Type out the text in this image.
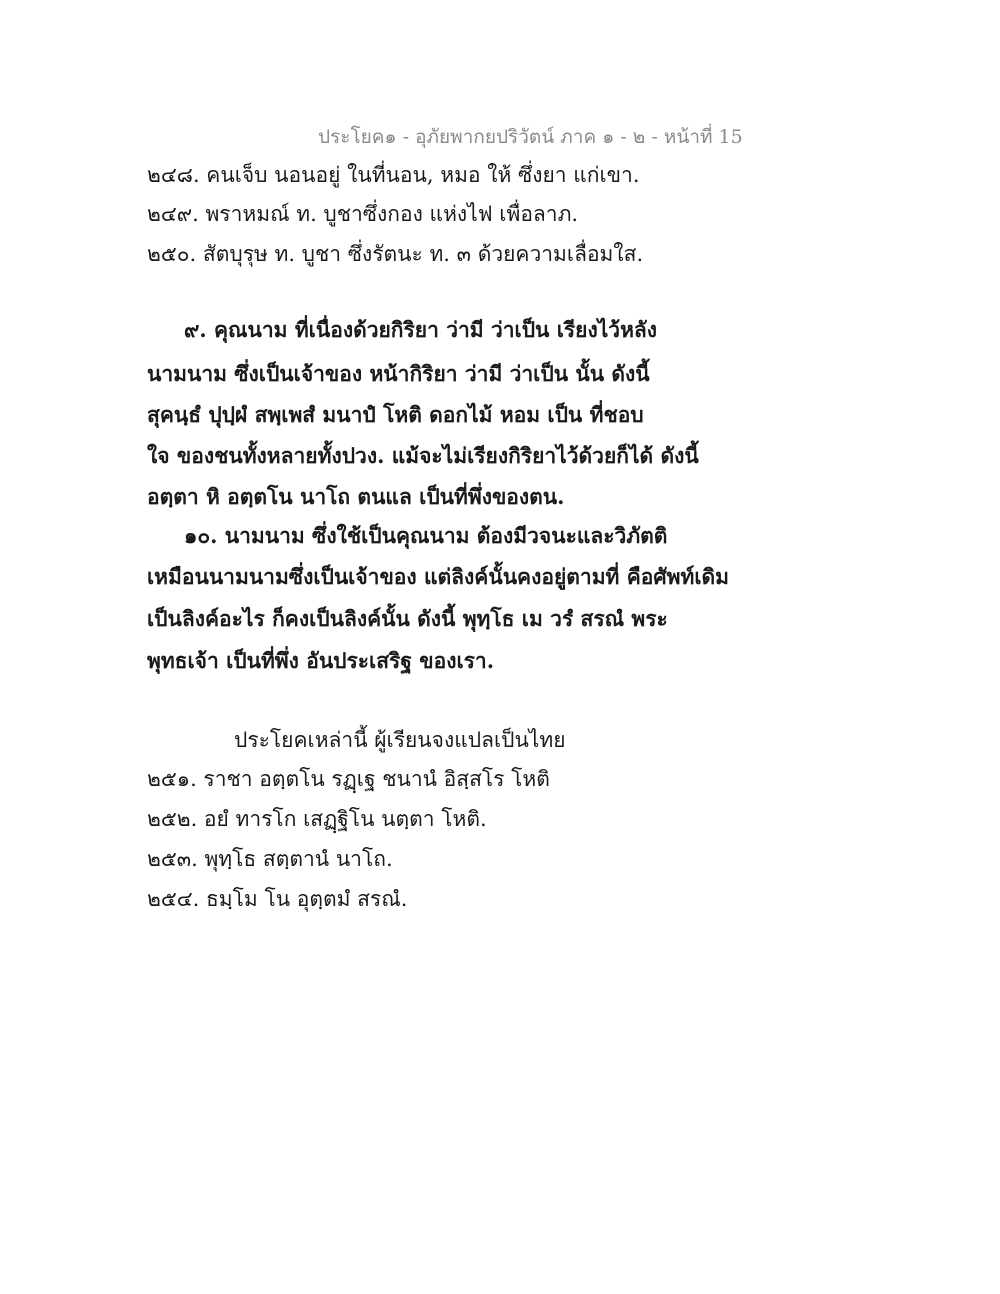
ประโยค๑ - อุภัยพากยปริวัตน์ ภาค ๑ - ๒ - หน้าที่ 15
๒๔๘. คนเจ็บ นอนอยู่ ในที่นอน, หมอ ให้ ซึ่งยา แก่เขา.
๒๔๙. พราหมณ์ ท. บูชาซึ่งกอง แห่งไฟ เพื่อลาภ.
๒๕๐. สัตบุรุษ ท. บูชา ซึ่งรัตนะ ท. ๓ ด้วยความเลื่อมใส.
๙. คุณนาม ที่เนื่องด้วยกิริยา ว่ามี ว่าเป็น เรียงไว้หลัง
นามนาม ซึ่งเป็นเจ้าของ หน้ากิริยา ว่ามี ว่าเป็น นั้น ดังนี้
สุคนฺธํ ปุปฺผํ สพฺเพสํ มนาปํ โหติ ดอกไม้ หอม เป็น ที่ชอบ
ใจ ของชนทั้งหลายทั้งปวง. แม้จะไม่เรียงกิริยาไว้ด้วยก็ได้ ดังนี้
อตฺตา หิ อตฺตโน นาโถ ตนแล เป็นที่พึ่งของตน.
๑๐. นามนาม ซึ่งใช้เป็นคุณนาม ต้องมีวจนะและวิภัตติ
เหมือนนามนามซึ่งเป็นเจ้าของ แต่ลิงค์นั้นคงอยู่ตามที่ คือศัพท์เดิม
เป็นลิงค์อะไร ก็คงเป็นลิงค์นั้น ดังนี้ พุทฺโธ เม วรํ สรณํ พระ
พุทธเจ้า เป็นที่พึ่ง อันประเสริฐ ของเรา.
ประโยคเหล่านี้ ผู้เรียนจงแปลเป็นไทย
๒๕๑. ราชา อตฺตโน รฏฺเฐ ชนานํ อิสฺสโร โหติ
๒๕๒. อยํ ทารโก เสฏฺฐิโน นตฺตา โหติ.
๒๕๓. พุทฺโธ สตฺตานํ นาโถ.
๒๕๔. ธมฺโม โน อุตฺตมํ สรณํ.
